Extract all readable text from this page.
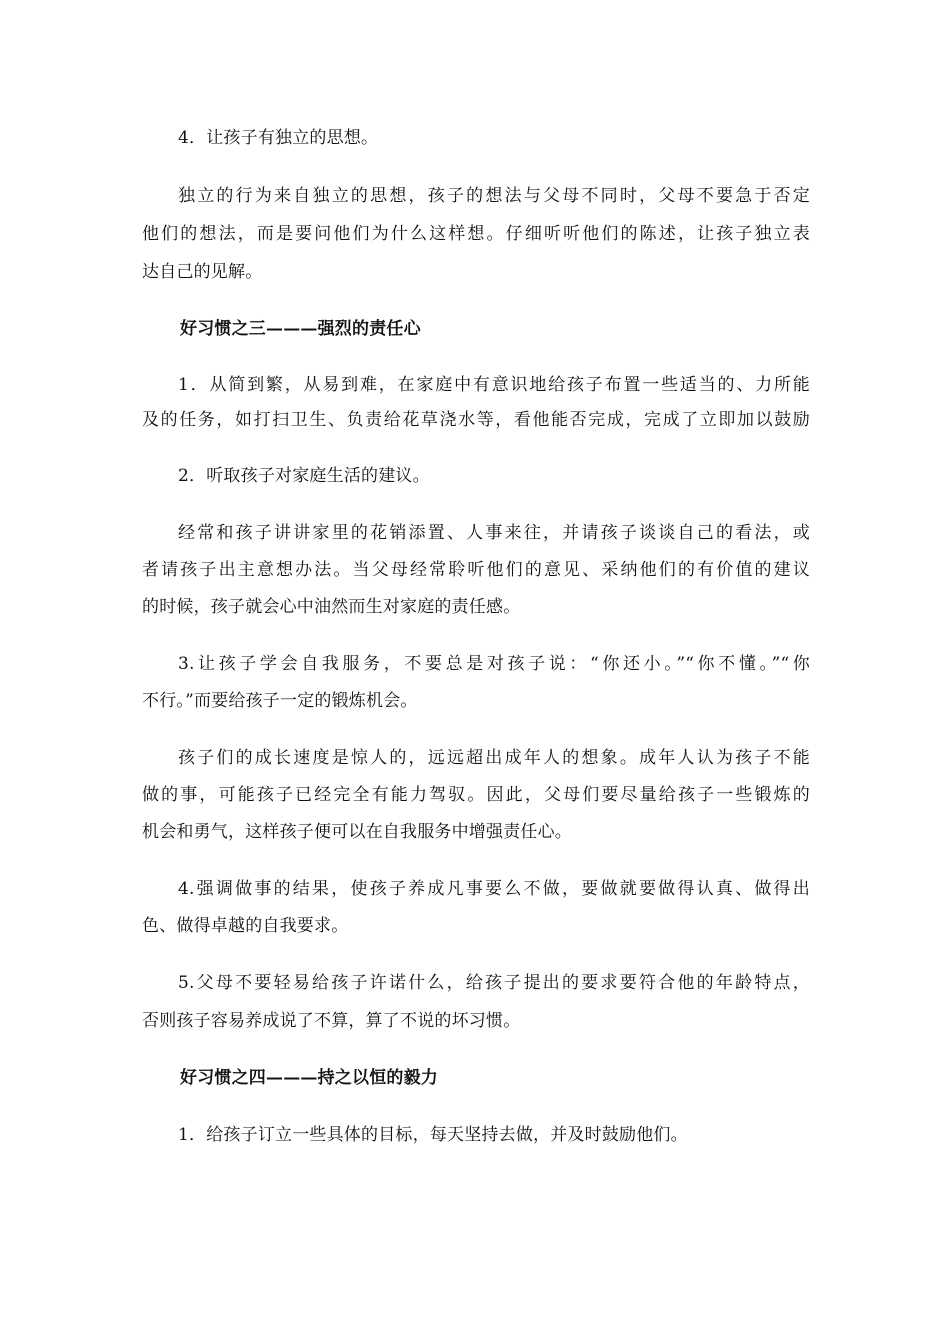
4．让孩子有独立的思想。
独立的行为来自独立的思想，孩子的想法与父母不同时，父母不要急于否定
他们的想法，而是要问他们为什么这样想。仔细听听他们的陈述，让孩子独立表
达自己的见解。
好习惯之三———强烈的责任心
1．从简到繁，从易到难，在家庭中有意识地给孩子布置一些适当的、力所能
及的任务，如打扫卫生、负责给花草浇水等，看他能否完成，完成了立即加以鼓励
2．听取孩子对家庭生活的建议。
经常和孩子讲讲家里的花销添置、人事来往，并请孩子谈谈自己的看法，或
者请孩子出主意想办法。当父母经常聆听他们的意见、采纳他们的有价值的建议
的时候，孩子就会心中油然而生对家庭的责任感。
3.让孩子学会自我服务，不要总是对孩子说：“你还小。”“你不懂。”“你
不行。”而要给孩子一定的锻炼机会。
孩子们的成长速度是惊人的，远远超出成年人的想象。成年人认为孩子不能
做的事，可能孩子已经完全有能力驾驭。因此，父母们要尽量给孩子一些锻炼的
机会和勇气，这样孩子便可以在自我服务中增强责任心。
4.强调做事的结果，使孩子养成凡事要么不做，要做就要做得认真、做得出
色、做得卓越的自我要求。
5.父母不要轻易给孩子许诺什么，给孩子提出的要求要符合他的年龄特点，
否则孩子容易养成说了不算，算了不说的坏习惯。
好习惯之四———持之以恒的毅力
1．给孩子订立一些具体的目标，每天坚持去做，并及时鼓励他们。
